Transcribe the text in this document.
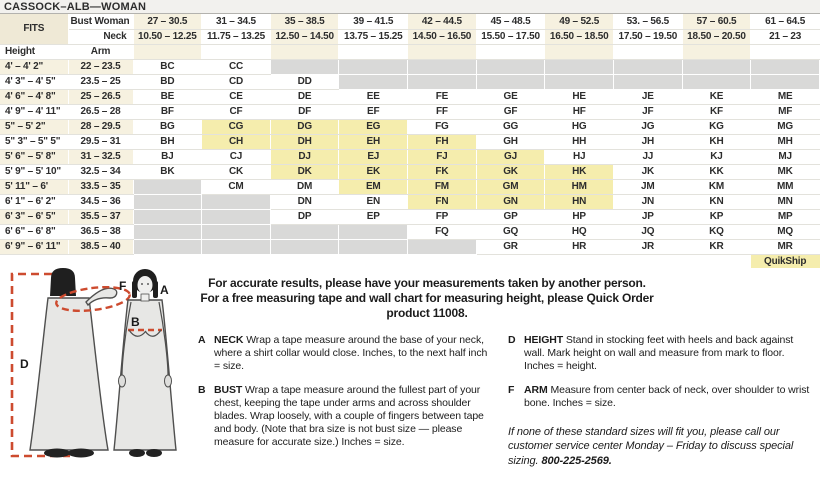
CASSOCK–ALB—WOMAN
FITS	Bust Woman	27 – 30.5	31 – 34.5	35 – 38.5	39 – 41.5	42 – 44.5	45 – 48.5	49 – 52.5	53. – 56.5	57 – 60.5	61 – 64.5
	Neck	10.50 – 12.25	11.75 – 13.25	12.50 – 14.50	13.75 – 15.25	14.50 – 16.50	15.50 – 17.50	16.50 – 18.50	17.50 – 19.50	18.50 – 20.50	21 – 23
Height	Arm										
4' – 4' 2"	22 – 23.5	BC	CC								
4' 3" – 4' 5"	23.5 – 25	BD	CD	DD							
4' 6" – 4' 8"	25 – 26.5	BE	CE	DE	EE	FE	GE	HE	JE	KE	ME
4' 9" – 4' 11"	26.5 – 28	BF	CF	DF	EF	FF	GF	HF	JF	KF	MF
5" – 5' 2"	28 – 29.5	BG	CG	DG	EG	FG	GG	HG	JG	KG	MG
5" 3" – 5" 5"	29.5 – 31	BH	CH	DH	EH	FH	GH	HH	JH	KH	MH
5' 6" – 5' 8"	31 – 32.5	BJ	CJ	DJ	EJ	FJ	GJ	HJ	JJ	KJ	MJ
5' 9" – 5' 10"	32.5 – 34	BK	CK	DK	EK	FK	GK	HK	JK	KK	MK
5' 11" – 6'	33.5 – 35		CM	DM	EM	FM	GM	HM	JM	KM	MM
6' 1" – 6' 2"	34.5 – 36			DN	EN	FN	GN	HN	JN	KN	MN
6' 3" – 6' 5"	35.5 – 37			DP	EP	FP	GP	HP	JP	KP	MP
6' 6" – 6' 8"	36.5 – 38					FQ	GQ	HQ	JQ	KQ	MQ
6' 9" – 6' 11"	38.5 – 40						GR	HR	JR	KR	MR
											QuikShip
D
F	A
B
For accurate results, please have your measurements taken by another person.
For a free measuring tape and wall chart for measuring height, please Quick Order product 11008.
A NECK Wrap a tape measure around the base of your neck, where a shirt collar would close. Inches, to the next half inch = size.
B BUST Wrap a tape measure around the fullest part of your chest, keeping the tape under arms and across shoulder blades. Wrap loosely, with a couple of fingers between tape and body. (Note that bra size is not bust size — please measure for accurate size.) Inches = size.
D HEIGHT Stand in stocking feet with heels and back against wall. Mark height on wall and measure from mark to floor. Inches = height.
F ARM Measure from center back of neck, over shoulder to wrist bone. Inches = size.
If none of these standard sizes will fit you, please call our customer service center Monday – Friday to discuss special sizing. 800-225-2569.
